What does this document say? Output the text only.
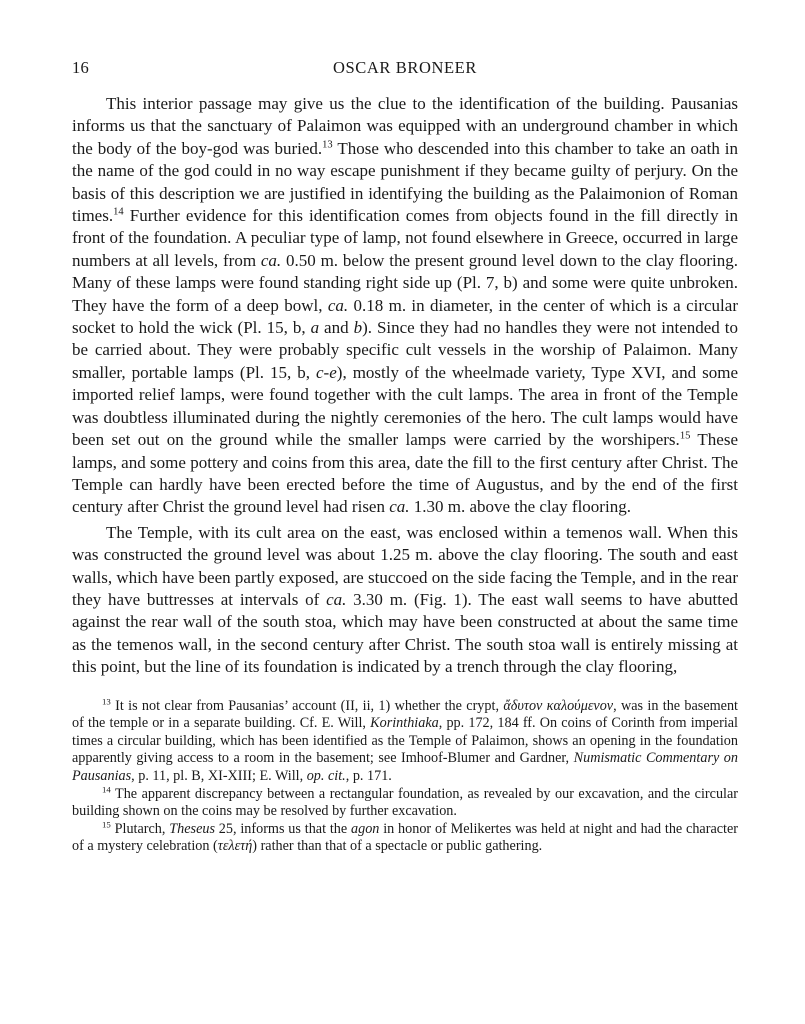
16	OSCAR BRONEER

This interior passage may give us the clue to the identification of the building. Pausanias informs us that the sanctuary of Palaimon was equipped with an underground chamber in which the body of the boy-god was buried.$^{13}$ Those who descended into this chamber to take an oath in the name of the god could in no way escape punishment if they became guilty of perjury. On the basis of this description we are justified in identifying the building as the Palaimonion of Roman times.$^{14}$ Further evidence for this identification comes from objects found in the fill directly in front of the foundation. A peculiar type of lamp, not found elsewhere in Greece, occurred in large numbers at all levels, from ca. 0.50 m. below the present ground level down to the clay flooring. Many of these lamps were found standing right side up (Pl. 7, b) and some were quite unbroken. They have the form of a deep bowl, ca. 0.18 m. in diameter, in the center of which is a circular socket to hold the wick (Pl. 15, b, a and b). Since they had no handles they were not intended to be carried about. They were probably specific cult vessels in the worship of Palaimon. Many smaller, portable lamps (Pl. 15, b, c-e), mostly of the wheelmade variety, Type XVI, and some imported relief lamps, were found together with the cult lamps. The area in front of the Temple was doubtless illuminated during the nightly ceremonies of the hero. The cult lamps would have been set out on the ground while the smaller lamps were carried by the worshipers.$^{15}$ These lamps, and some pottery and coins from this area, date the fill to the first century after Christ. The Temple can hardly have been erected before the time of Augustus, and by the end of the first century after Christ the ground level had risen ca. 1.30 m. above the clay flooring.

The Temple, with its cult area on the east, was enclosed within a temenos wall. When this was constructed the ground level was about 1.25 m. above the clay flooring. The south and east walls, which have been partly exposed, are stuccoed on the side facing the Temple, and in the rear they have buttresses at intervals of ca. 3.30 m. (Fig. 1). The east wall seems to have abutted against the rear wall of the south stoa, which may have been constructed at about the same time as the temenos wall, in the second century after Christ. The south stoa wall is entirely missing at this point, but the line of its foundation is indicated by a trench through the clay flooring,

$^{13}$ It is not clear from Pausanias’ account (II, ii, 1) whether the crypt, ἄδυτον καλούμενον, was in the basement of the temple or in a separate building. Cf. E. Will, Korinthiaka, pp. 172, 184 ff. On coins of Corinth from imperial times a circular building, which has been identified as the Temple of Palaimon, shows an opening in the foundation apparently giving access to a room in the basement; see Imhoof-Blumer and Gardner, Numismatic Commentary on Pausanias, p. 11, pl. B, XI-XIII; E. Will, op. cit., p. 171.

$^{14}$ The apparent discrepancy between a rectangular foundation, as revealed by our excavation, and the circular building shown on the coins may be resolved by further excavation.

$^{15}$ Plutarch, Theseus 25, informs us that the agon in honor of Melikertes was held at night and had the character of a mystery celebration (τελετή) rather than that of a spectacle or public gathering.
